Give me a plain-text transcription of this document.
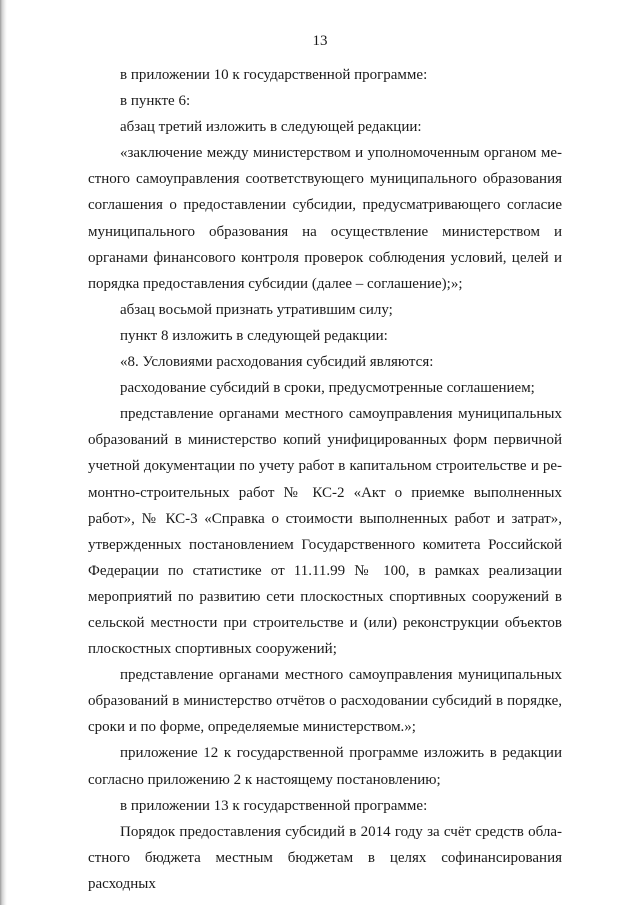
13

в приложении 10 к государственной программе:

в пункте 6:

абзац третий изложить в следующей редакции:

«заключение между министерством и уполномоченным органом местного самоуправления соответствующего муниципального образования соглашения о предоставлении субсидии, предусматривающего согласие муниципального образования на осуществление министерством и органами финансового контроля проверок соблюдения условий, целей и порядка предоставления субсидии (далее – соглашение);»;

абзац восьмой признать утратившим силу;

пункт 8 изложить в следующей редакции:

«8. Условиями расходования субсидий являются:

расходование субсидий в сроки, предусмотренные соглашением;

представление органами местного самоуправления муниципальных образований в министерство копий унифицированных форм первичной учетной документации по учету работ в капитальном строительстве и ремонтно-строительных работ № КС-2 «Акт о приемке выполненных работ», № КС-3 «Справка о стоимости выполненных работ и затрат», утвержденных постановлением Государственного комитета Российской Федерации по статистике от 11.11.99 № 100, в рамках реализации мероприятий по развитию сети плоскостных спортивных сооружений в сельской местности при строительстве и (или) реконструкции объектов плоскостных спортивных сооружений;

представление органами местного самоуправления муниципальных образований в министерство отчётов о расходовании субсидий в порядке, сроки и по форме, определяемые министерством.»;

приложение 12 к государственной программе изложить в редакции согласно приложению 2 к настоящему постановлению;

в приложении 13 к государственной программе:

Порядок предоставления субсидий в 2014 году за счёт средств областного бюджета местным бюджетам в целях софинансирования расходных
